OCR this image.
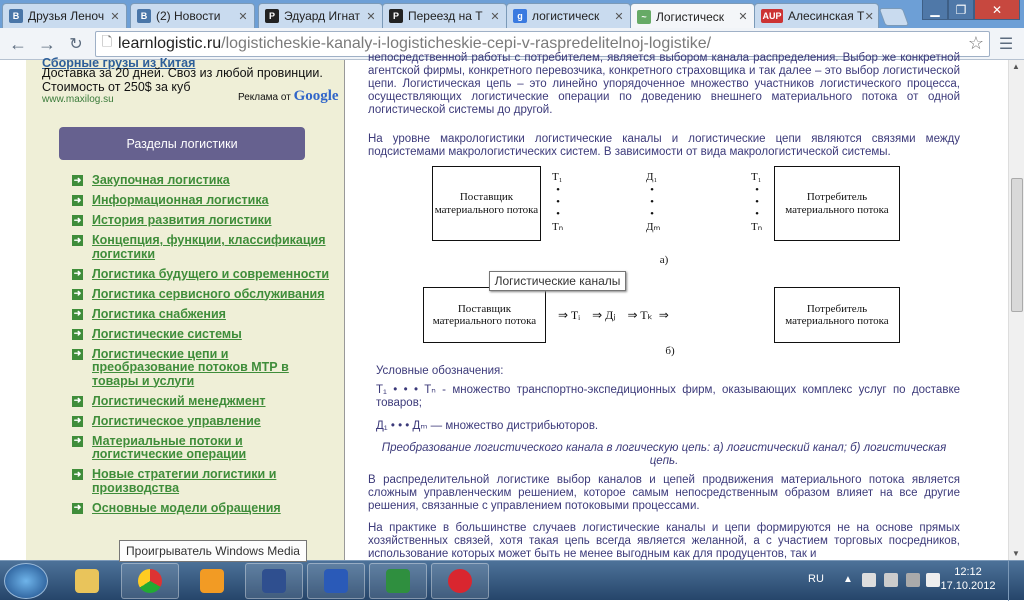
В Друзья Леноч ✕	В (2) Новости	✕	P Эдуард Игнат ✕	P Переезд на Т ✕	g логистическ	✕	~ Логистическ	✕ AUP Алесинская Т ✕	▁	❐	✕
← → ↻	🗋 learnlogistic.ru /logisticheskie-kanaly-i-logisticheskie-cepi-v-raspredelitelnoj-logistike/	☆ ☰
Сборные грузы из Китая
Доставка за 20 дней. Свoз из любой провинции.
Стоимость от 250$ за куб
www.maxilog.su	Реклама от Google
Разделы логистики
➜ Закупочная логистика
➜ Информационная логистика
➜ История развития логистики
➜ Концепция, функции, классификация логистики
➜ Логистика будущего и современности
➜ Логистика сервисного обслуживания
➜ Логистика снабжения
➜ Логистические системы
➜ Логистические цепи и преобразование потоков МТР в товары и услуги
➜ Логистический менеджмент
➜ Логистическое управление
➜ Материальные потоки и логистические операции
➜ Новые стратегии логистики и производства
➜ Основные модели обращения
непосредственной работы с потребителем, является выбором канала распределения. Выбор же конкретной агентской фирмы, конкретного перевозчика, конкретного страховщика и так далее – это выбор логистической цепи. Логистическая цепь – это линейно упорядоченное множество участников логистического процесса, осуществляющих логистические операции по доведению внешнего материального потока от одной логистической системы до другой.
На уровне макрологистики логистические каналы и логистические цепи являются связями между подсистемами макрологистических систем. В зависимости от вида макрологистической системы.
Поставщик материального потока
T₁
•
•
•
Tₙ
Д₁
•
•
•
Дₘ
T₁
•
•
•
Tₙ
Потребитель материального потока
а)
Поставщик материального потока	⇒ Tᵢ    ⇒ Дⱼ    ⇒ Tₖ  ⇒	Потребитель материального потока
б)
Условные обозначения:
T₁ • • • Tₙ - множество транспортно-экспедиционных фирм, оказывающих комплекс услуг по доставке товаров;
Д₁ • • • Дₘ — множество дистрибьюторов.
Преобразование логистического канала в логическую цепь: а) логистический канал; б) логистическая цепь.
В распределительной логистике выбор каналов и цепей продвижения материального потока является сложным управленческим решением, которое самым непосредственным образом влияет на все другие решения, связанные с управлением потоковыми процессами.
На практике в большинстве случаев логистические каналы и цепи формируются не на основе прямых хозяйственных связей, хотя такая цепь всегда является желанной, а с участием торговых посредников, использование которых может быть не менее выгодным как для продуцентов, так и
Логистические каналы
▲
▼
RU ▲
12:12
17.10.2012
Проигрыватель Windows Media
